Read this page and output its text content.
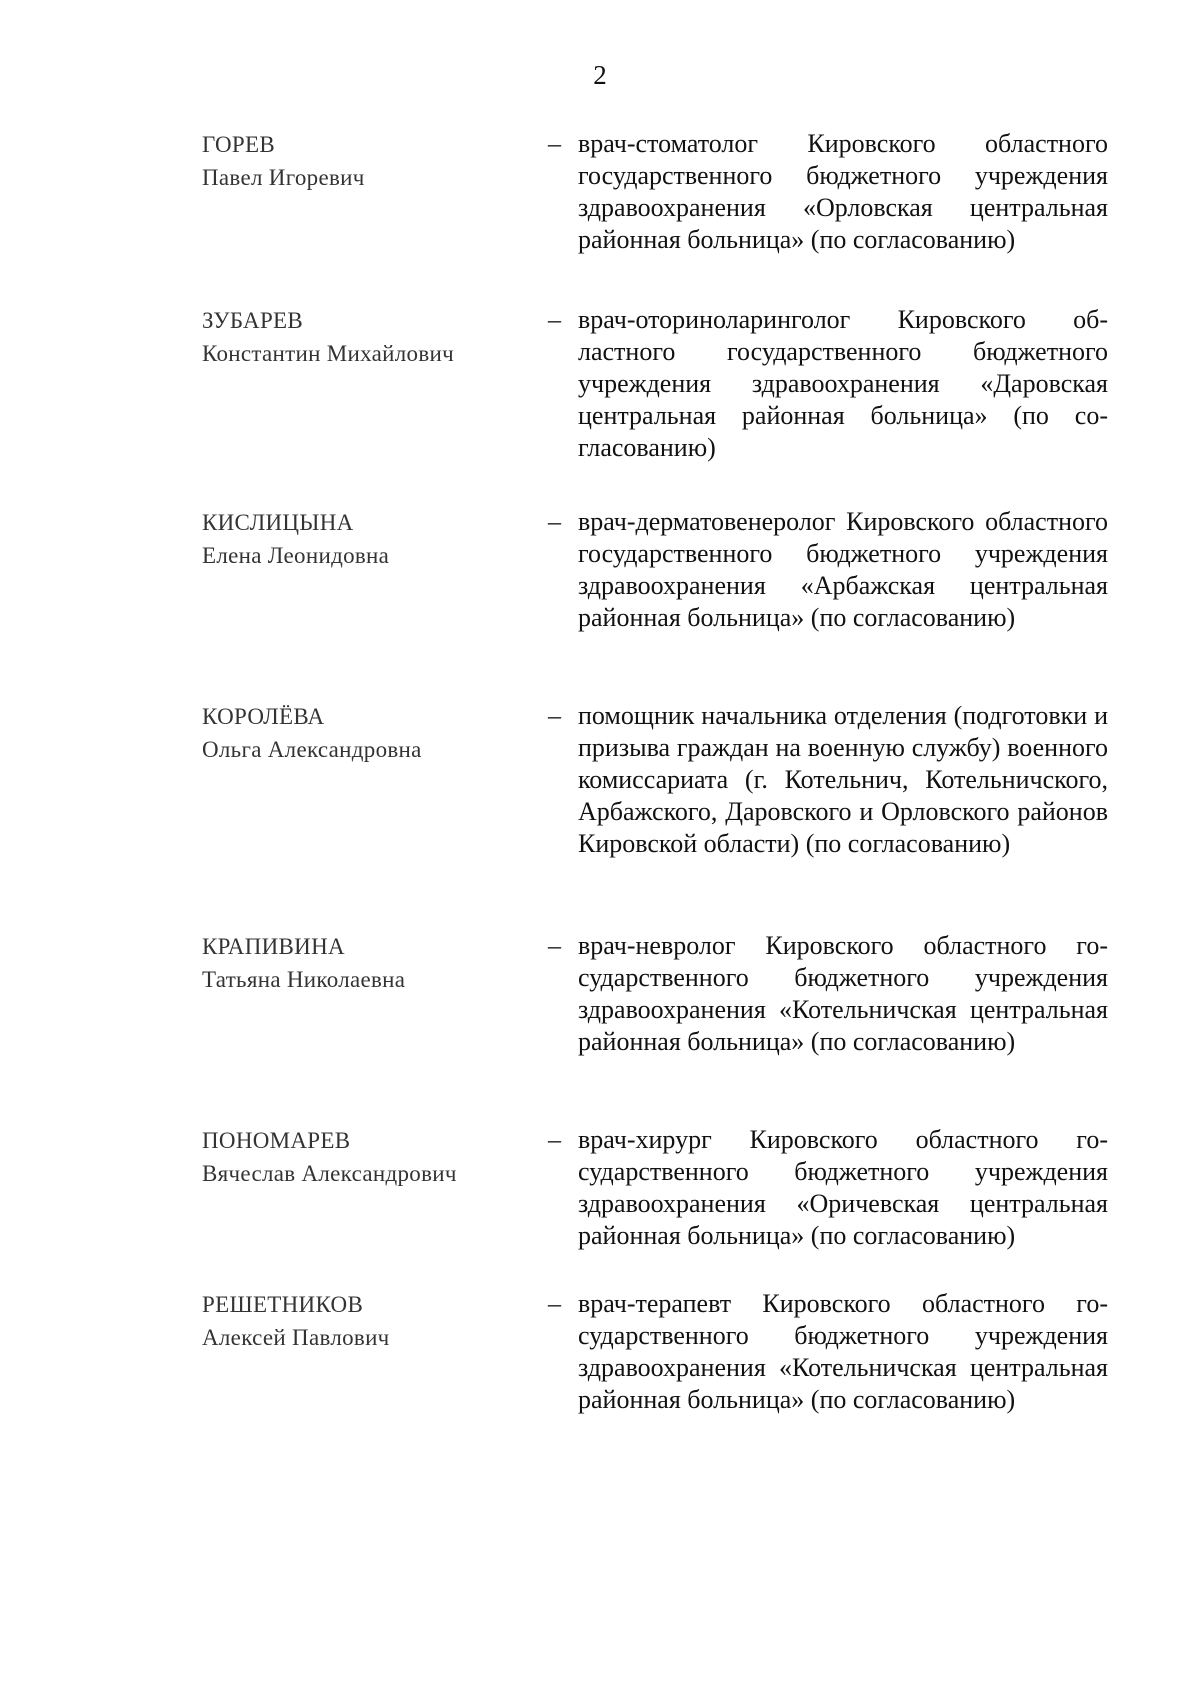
2
ГОРЕВ
Павел Игоревич
– врач-стоматолог Кировского областного государственного бюджетного учреждения здравоохранения «Орловская центральная районная больница» (по согласованию)

ЗУБАРЕВ
Константин Михайлович
– врач-оториноларинголог Кировского областного государственного бюджетного учреждения здравоохранения «Даровская центральная районная больница» (по согласованию)

КИСЛИЦЫНА
Елена Леонидовна
– врач-дерматовенеролог Кировского областного государственного бюджетного учреждения здравоохранения «Арбажская центральная районная больница» (по согласованию)

КОРОЛЁВА
Ольга Александровна
– помощник начальника отделения (подготовки и призыва граждан на военную службу) военного комиссариата (г. Котельнич, Котельничского, Арбажского, Даровского и Орловского районов Кировской области) (по согласованию)

КРАПИВИНА
Татьяна Николаевна
– врач-невролог Кировского областного государственного бюджетного учреждения здравоохранения «Котельничская центральная районная больница» (по согласованию)

ПОНОМАРЕВ
Вячеслав Александрович
– врач-хирург Кировского областного государственного бюджетного учреждения здравоохранения «Оричевская центральная районная больница» (по согласованию)

РЕШЕТНИКОВ
Алексей Павлович
– врач-терапевт Кировского областного государственного бюджетного учреждения здравоохранения «Котельничская центральная районная больница» (по согласованию)
